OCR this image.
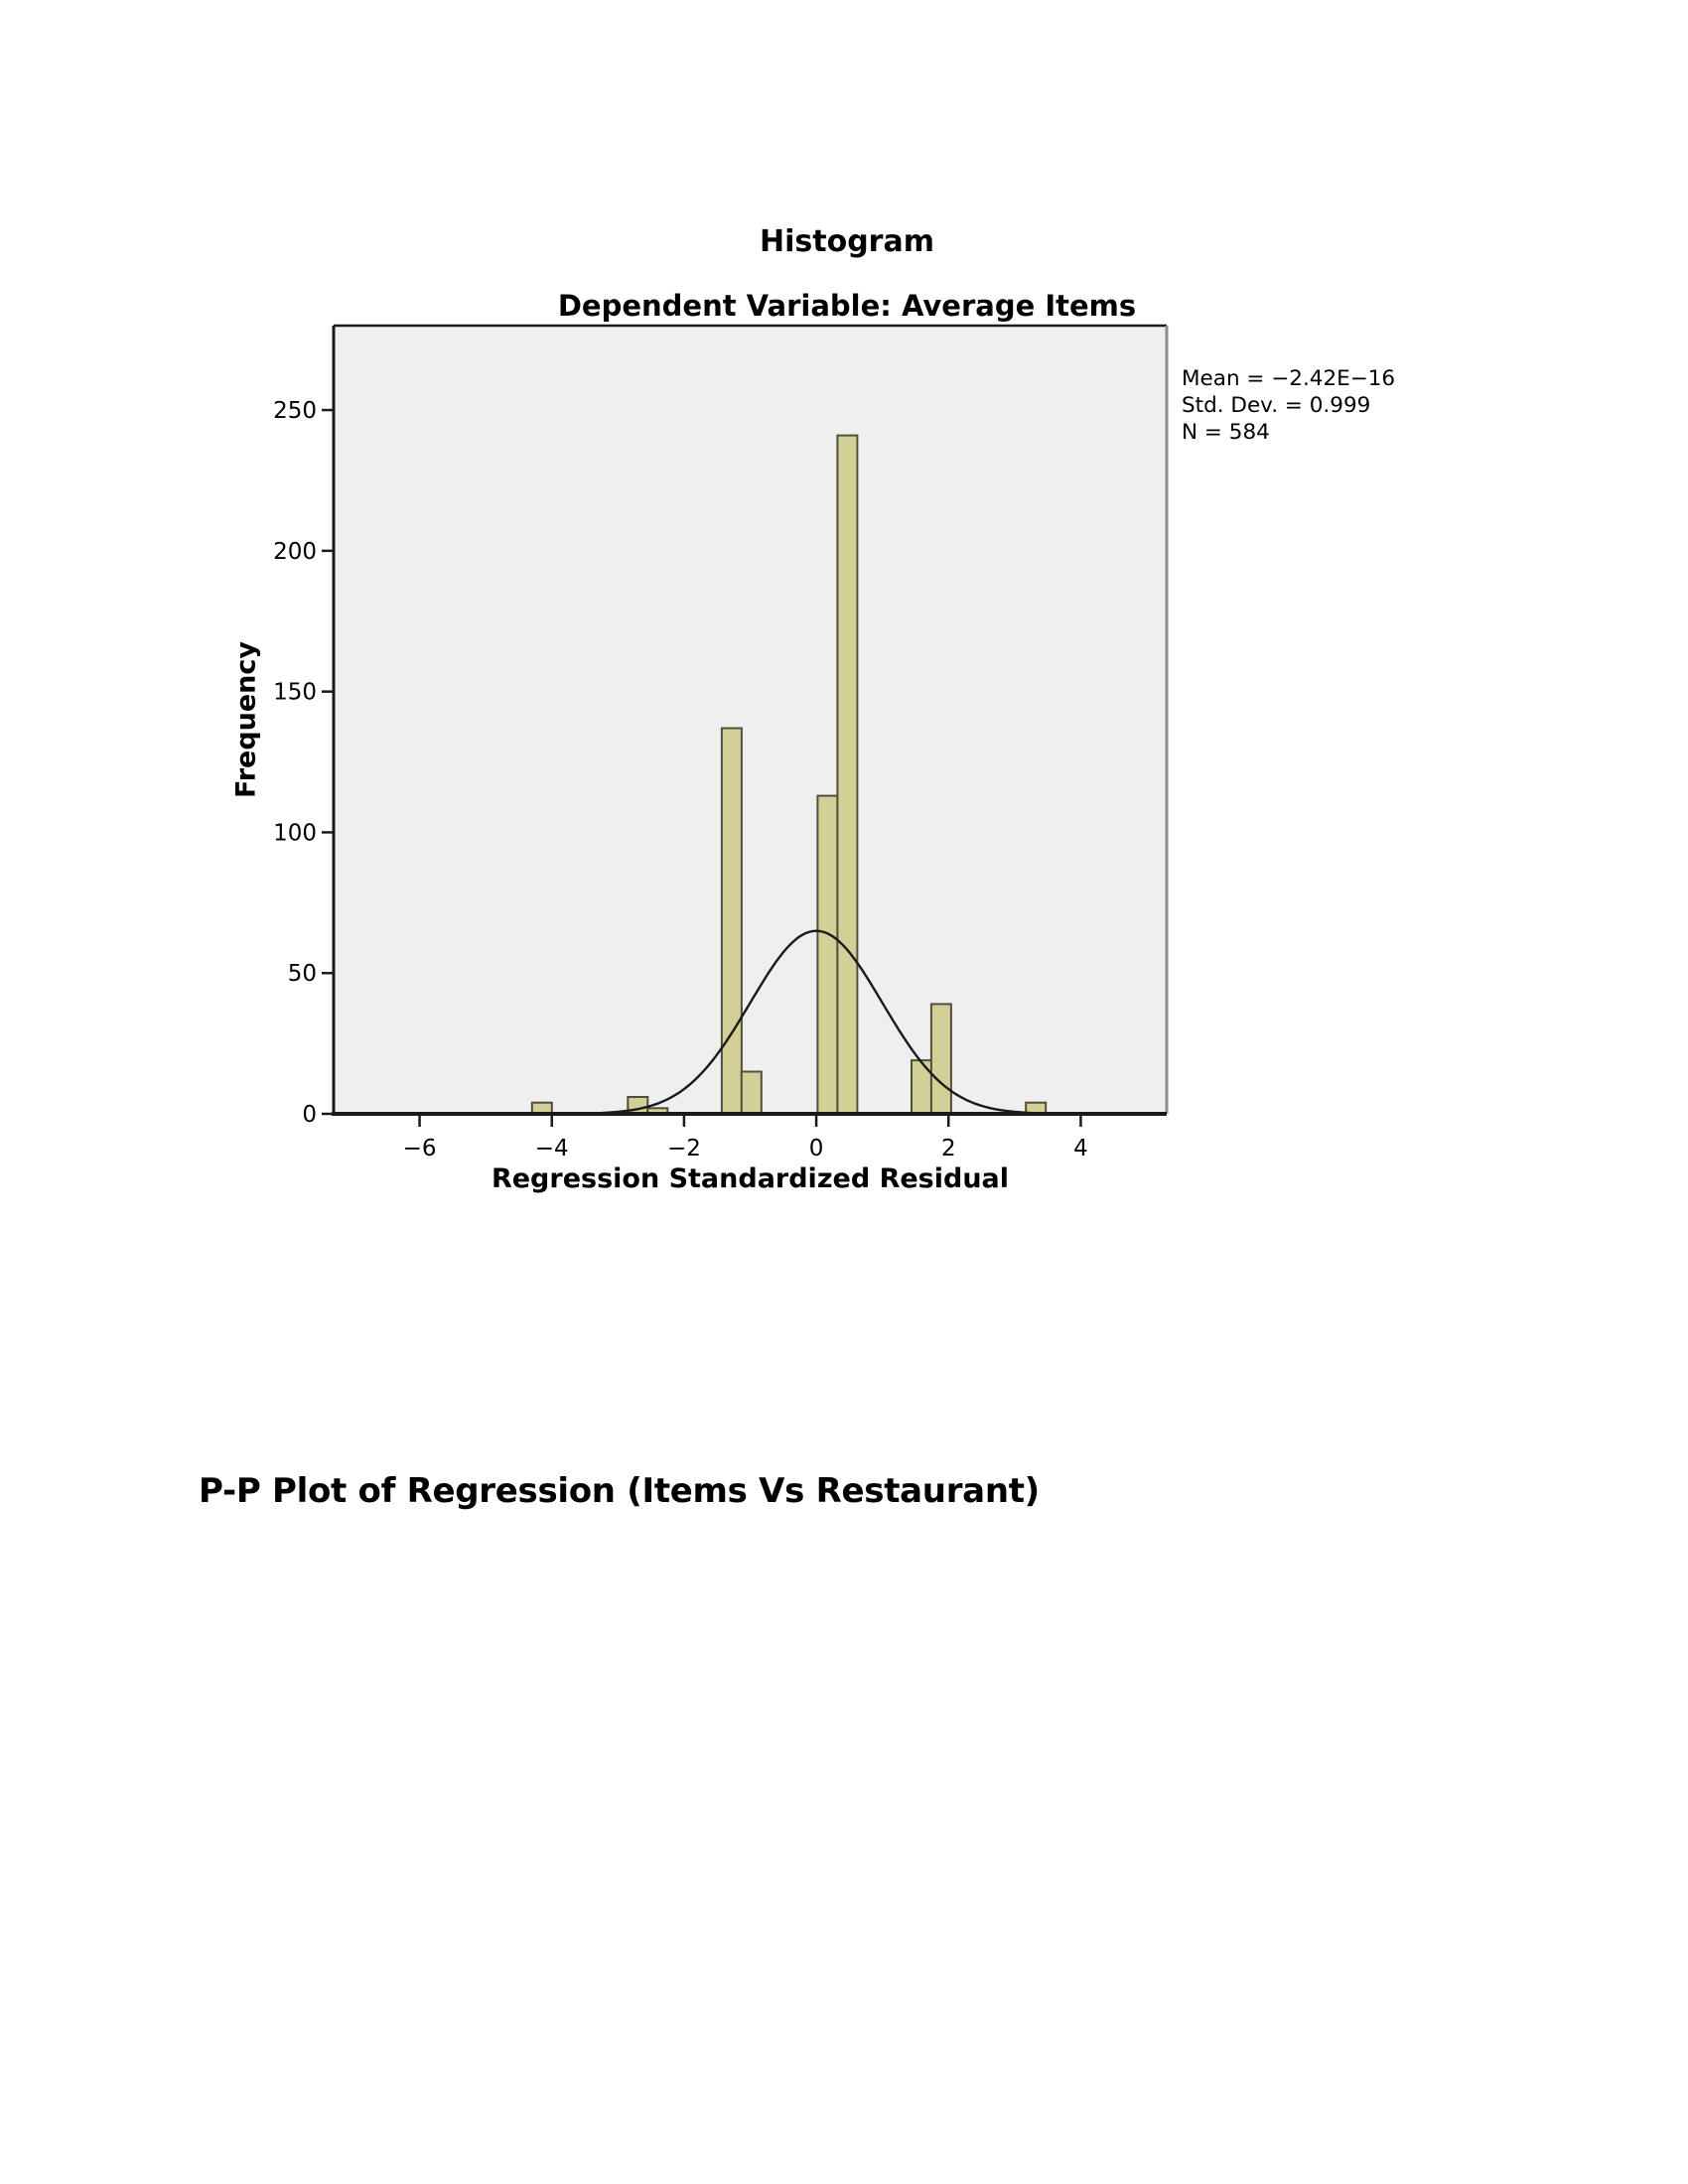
Histogram
Dependent Variable: Average Items
0
50
100
150
200
250
−6	−4	−2	0	2	4
Mean = −2.42E−16
Std. Dev. = 0.999
N = 584
Frequency
Regression Standardized Residual
P-P Plot of Regression (Items Vs Restaurant)
